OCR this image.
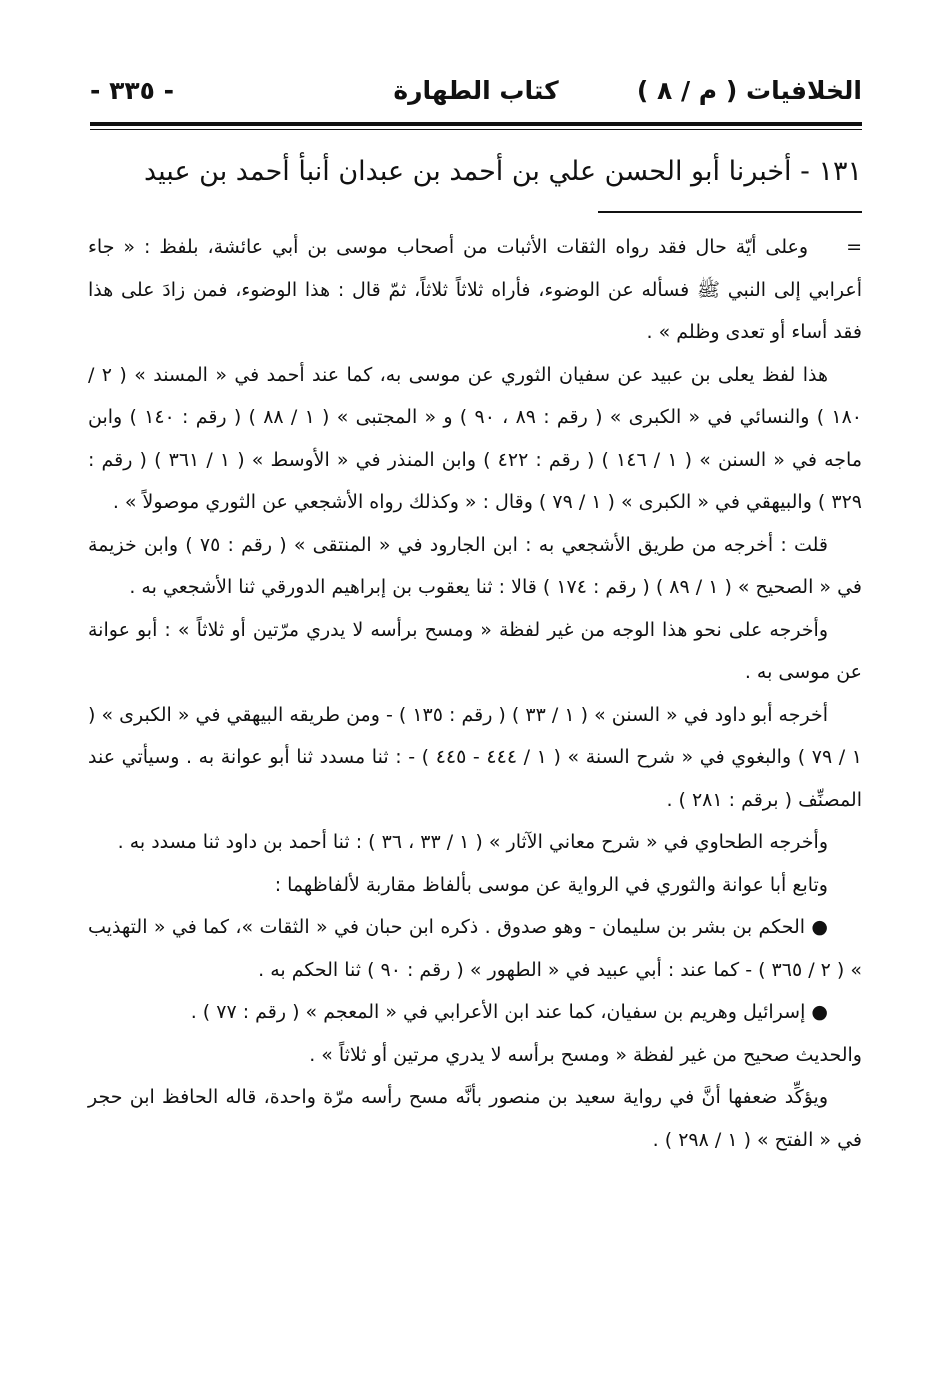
الخلافيات ( م / ٨ )
كتاب الطهارة
- ٣٣٥ -
١٣١ - أخبرنا أبو الحسن علي بن أحمد بن عبدان أنبأ أحمد بن عبيد

=وعلى أيّة حال فقد رواه الثقات الأثبات من أصحاب موسى بن أبي عائشة، بلفظ : « جاء أعرابي إلى النبي ﷺ فسأله عن الوضوء، فأراه ثلاثاً ثلاثاً، ثمّ قال : هذا الوضوء، فمن زادَ على هذا فقد أساء أو تعدى وظلم » .

هذا لفظ يعلى بن عبيد عن سفيان الثوري عن موسى به، كما عند أحمد في « المسند » ( ٢ / ١٨٠ ) والنسائي في « الكبرى » ( رقم : ٨٩ ، ٩٠ ) و « المجتبى » ( ١ / ٨٨ ) ( رقم : ١٤٠ ) وابن ماجه في « السنن » ( ١ / ١٤٦ ) ( رقم : ٤٢٢ ) وابن المنذر في « الأوسط » ( ١ / ٣٦١ ) ( رقم : ٣٢٩ ) والبيهقي في « الكبرى » ( ١ / ٧٩ ) وقال : « وكذلك رواه الأشجعي عن الثوري موصولاً » .

قلت : أخرجه من طريق الأشجعي به : ابن الجارود في « المنتقى » ( رقم : ٧٥ ) وابن خزيمة في « الصحيح » ( ١ / ٨٩ ) ( رقم : ١٧٤ ) قالا : ثنا يعقوب بن إبراهيم الدورقي ثنا الأشجعي به .

وأخرجه على نحو هذا الوجه من غير لفظة « ومسح برأسه لا يدري مرّتين أو ثلاثاً » : أبو عوانة عن موسى به .

أخرجه أبو داود في « السنن » ( ١ / ٣٣ ) ( رقم : ١٣٥ ) - ومن طريقه البيهقي في « الكبرى » ( ١ / ٧٩ ) والبغوي في « شرح السنة » ( ١ / ٤٤٤ - ٤٤٥ ) - : ثنا مسدد ثنا أبو عوانة به . وسيأتي عند المصنِّف ( برقم : ٢٨١ ) .

وأخرجه الطحاوي في « شرح معاني الآثار » ( ١ / ٣٣ ، ٣٦ ) : ثنا أحمد بن داود ثنا مسدد به .

وتابع أبا عوانة والثوري في الرواية عن موسى بألفاظ مقاربة لألفاظهما :

● الحكم بن بشر بن سليمان - وهو صدوق . ذكره ابن حبان في « الثقات »، كما في « التهذيب » ( ٢ / ٣٦٥ ) - كما عند : أبي عبيد في « الطهور » ( رقم : ٩٠ ) ثنا الحكم به .

● إسرائيل وهريم بن سفيان، كما عند ابن الأعرابي في « المعجم » ( رقم : ٧٧ ) .

والحديث صحيح من غير لفظة « ومسح برأسه لا يدري مرتين أو ثلاثاً » .

ويؤكِّد ضعفها أنَّ في رواية سعيد بن منصور بأنَّه مسح رأسه مرّة واحدة، قاله الحافظ ابن حجر في « الفتح » ( ١ / ٢٩٨ ) .
